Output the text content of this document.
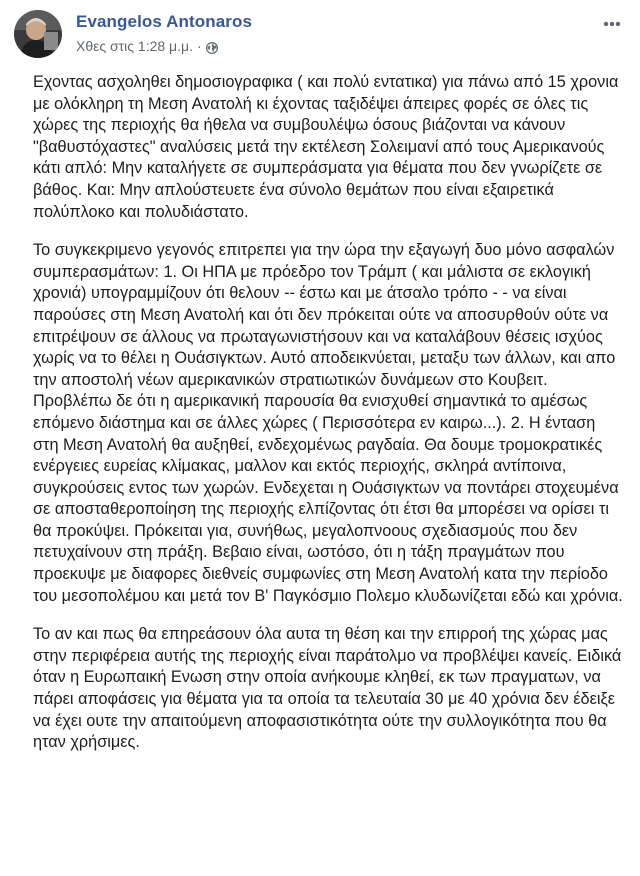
Evangelos Antonaros
Χθες στις 1:28 μ.μ. ·

Εχοντας ασχοληθει δημοσιογραφικα ( και πολύ εντατικα) για πάνω από 15 χρονια με ολόκληρη τη Μεση Ανατολή κι έχοντας ταξιδέψει άπειρες φορές σε όλες τις χώρες της περιοχής θα ήθελα να συμβουλέψω όσους βιάζονται να κάνουν "βαθυστόχαστες" αναλύσεις μετά την εκτέλεση Σολειμανί από τους Αμερικανούς κάτι απλό: Μην καταλήγετε σε συμπεράσματα για θέματα που δεν γνωρίζετε σε βάθος. Και: Μην απλούστευετε ένα σύνολο θεμάτων που είναι εξαιρετικά πολύπλοκο και πολυδιάστατο.

Το συγκεκριμενο γεγονός επιτρεπει για την ώρα την εξαγωγή δυο μόνο ασφαλών συμπερασμάτων: 1. Οι ΗΠΑ με πρόεδρο τον Τράμπ ( και μάλιστα σε εκλογική χρονιά) υπογραμμίζουν ότι θελουν -- έστω και με άτσαλο τρόπο - - να είναι παρούσες στη Μεση Ανατολή και ότι δεν πρόκειται ούτε να αποσυρθούν ούτε να επιτρέψουν σε άλλους να πρωταγωνιστήσουν και να καταλάβουν θέσεις ισχύος χωρίς να το θέλει η Ουάσιγκτων. Αυτό αποδεικνύεται, μεταξυ των άλλων, και απο την αποστολή νέων αμερικανικών στρατιωτικών δυνάμεων στο Κουβειτ. Προβλέπω δε ότι η αμερικανική παρουσία θα ενισχυθεί σημαντικά το αμέσως επόμενο διάστημα και σε άλλες χώρες ( Περισσότερα εν καιρω...). 2. Η ένταση στη Μεση Ανατολή θα αυξηθεί, ενδεχομένως ραγδαία. Θα δουμε τρομοκρατικές ενέργειες ευρείας κλίμακας, μαλλον και εκτός περιοχής, σκληρά αντίποινα, συγκρούσεις εντος των χωρών. Ενδεχεται η Ουάσιγκτων να ποντάρει στοχευμένα σε αποσταθεροποίηση της περιοχής ελπίζοντας ότι έτσι θα μπορέσει να ορίσει τι θα προκύψει. Πρόκειται για, συνήθως, μεγαλοπνοους σχεδιασμούς που δεν πετυχαίνουν στη πράξη. Βεβαιο είναι, ωστόσο, ότι η τάξη πραγμάτων που προεκυψε με διαφορες διεθνείς συμφωνίες στη Μεση Ανατολή κατα την περίοδο του μεσοπολέμου και μετά τον Β' Παγκόσμιο Πολεμο κλυδωνίζεται εδώ και χρόνια.

Το αν και πως θα επηρεάσουν όλα αυτα τη θέση και την επιρροή της χώρας μας στην περιφέρεια αυτής της περιοχής είναι παράτολμο να προβλέψει κανείς. Ειδικά όταν η Ευρωπαική Ενωση στην οποία ανήκουμε κληθεί, εκ των πραγματων, να πάρει αποφάσεις για θέματα για τα οποία τα τελευταία 30 με 40 χρόνια δεν έδειξε να έχει ουτε την απαιτούμενη αποφασιστικότητα ούτε την συλλογικότητα που θα ηταν χρήσιμες.
